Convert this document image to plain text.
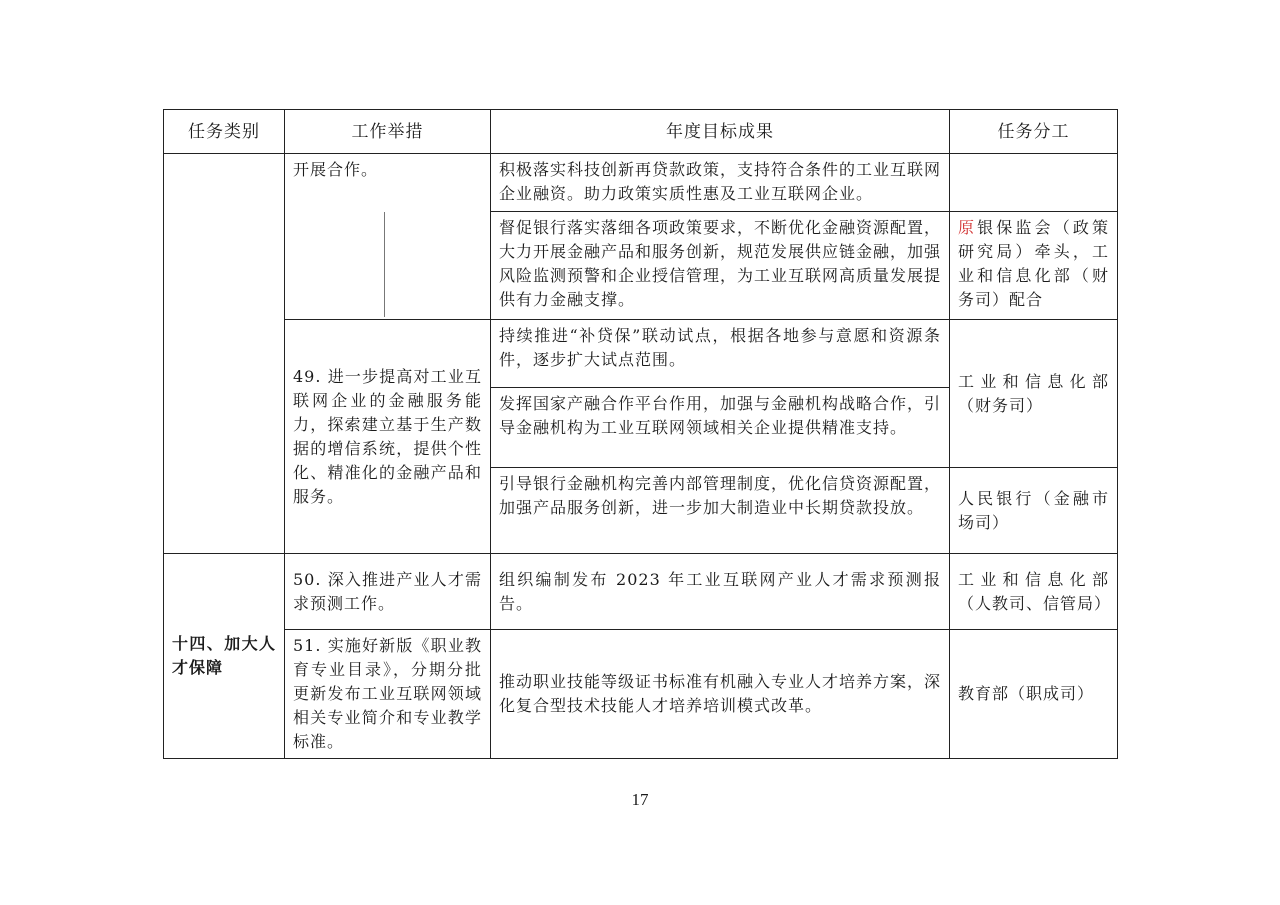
任务类别	工作举措	年度目标成果	任务分工
	开展合作。	积极落实科技创新再贷款政策，支持符合条件的工业互联网企业融资。助力政策实质性惠及工业互联网企业。	
		督促银行落实落细各项政策要求，不断优化金融资源配置，大力开展金融产品和服务创新，规范发展供应链金融，加强风险监测预警和企业授信管理，为工业互联网高质量发展提供有力金融支撑。	原银保监会（政策研究局）牵头，工业和信息化部（财务司）配合
	49. 进一步提高对工业互联网企业的金融服务能力，探索建立基于生产数据的增信系统，提供个性化、精准化的金融产品和服务。	持续推进“补贷保”联动试点，根据各地参与意愿和资源条件，逐步扩大试点范围。	工业和信息化部（财务司）
		发挥国家产融合作平台作用，加强与金融机构战略合作，引导金融机构为工业互联网领域相关企业提供精准支持。	
		引导银行金融机构完善内部管理制度，优化信贷资源配置，加强产品服务创新，进一步加大制造业中长期贷款投放。	人民银行（金融市场司）
十四、加大人才保障	50. 深入推进产业人才需求预测工作。	组织编制发布 2023 年工业互联网产业人才需求预测报告。	工业和信息化部（人教司、信管局）
	51. 实施好新版《职业教育专业目录》，分期分批更新发布工业互联网领域相关专业简介和专业教学标准。	推动职业技能等级证书标准有机融入专业人才培养方案，深化复合型技术技能人才培养培训模式改革。	教育部（职成司）
17
